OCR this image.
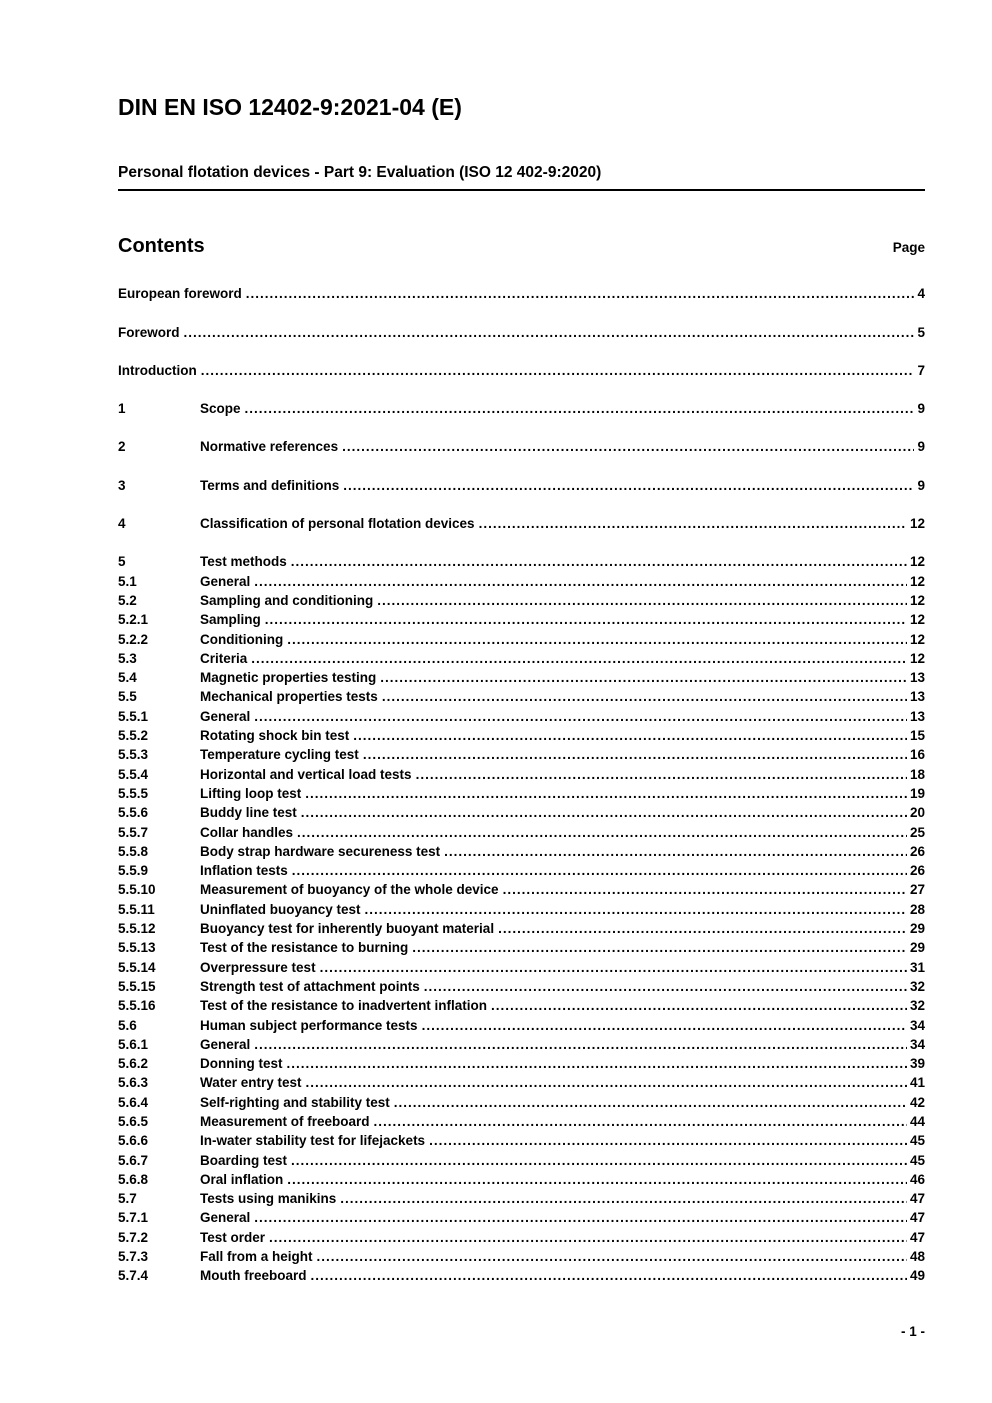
DIN EN ISO 12402-9:2021-04 (E)
Personal flotation devices - Part 9: Evaluation (ISO 12 402-9:2020)
Contents	Page
European foreword .....	4
Foreword .....	5
Introduction .....	7
1	Scope .....	9
2	Normative references .....	9
3	Terms and definitions .....	9
4	Classification of personal flotation devices .....	12
5	Test methods .....	12
5.1	General .....	12
5.2	Sampling and conditioning .....	12
5.2.1	Sampling .....	12
5.2.2	Conditioning .....	12
5.3	Criteria .....	12
5.4	Magnetic properties testing .....	13
5.5	Mechanical properties tests .....	13
5.5.1	General .....	13
5.5.2	Rotating shock bin test .....	15
5.5.3	Temperature cycling test .....	16
5.5.4	Horizontal and vertical load tests .....	18
5.5.5	Lifting loop test .....	19
5.5.6	Buddy line test .....	20
5.5.7	Collar handles .....	25
5.5.8	Body strap hardware secureness test .....	26
5.5.9	Inflation tests .....	26
5.5.10	Measurement of buoyancy of the whole device .....	27
5.5.11	Uninflated buoyancy test .....	28
5.5.12	Buoyancy test for inherently buoyant material .....	29
5.5.13	Test of the resistance to burning .....	29
5.5.14	Overpressure test .....	31
5.5.15	Strength test of attachment points .....	32
5.5.16	Test of the resistance to inadvertent inflation .....	32
5.6	Human subject performance tests .....	34
5.6.1	General .....	34
5.6.2	Donning test .....	39
5.6.3	Water entry test .....	41
5.6.4	Self-righting and stability test .....	42
5.6.5	Measurement of freeboard .....	44
5.6.6	In-water stability test for lifejackets .....	45
5.6.7	Boarding test .....	45
5.6.8	Oral inflation .....	46
5.7	Tests using manikins .....	47
5.7.1	General .....	47
5.7.2	Test order .....	47
5.7.3	Fall from a height .....	48
5.7.4	Mouth freeboard .....	49
- 1 -
